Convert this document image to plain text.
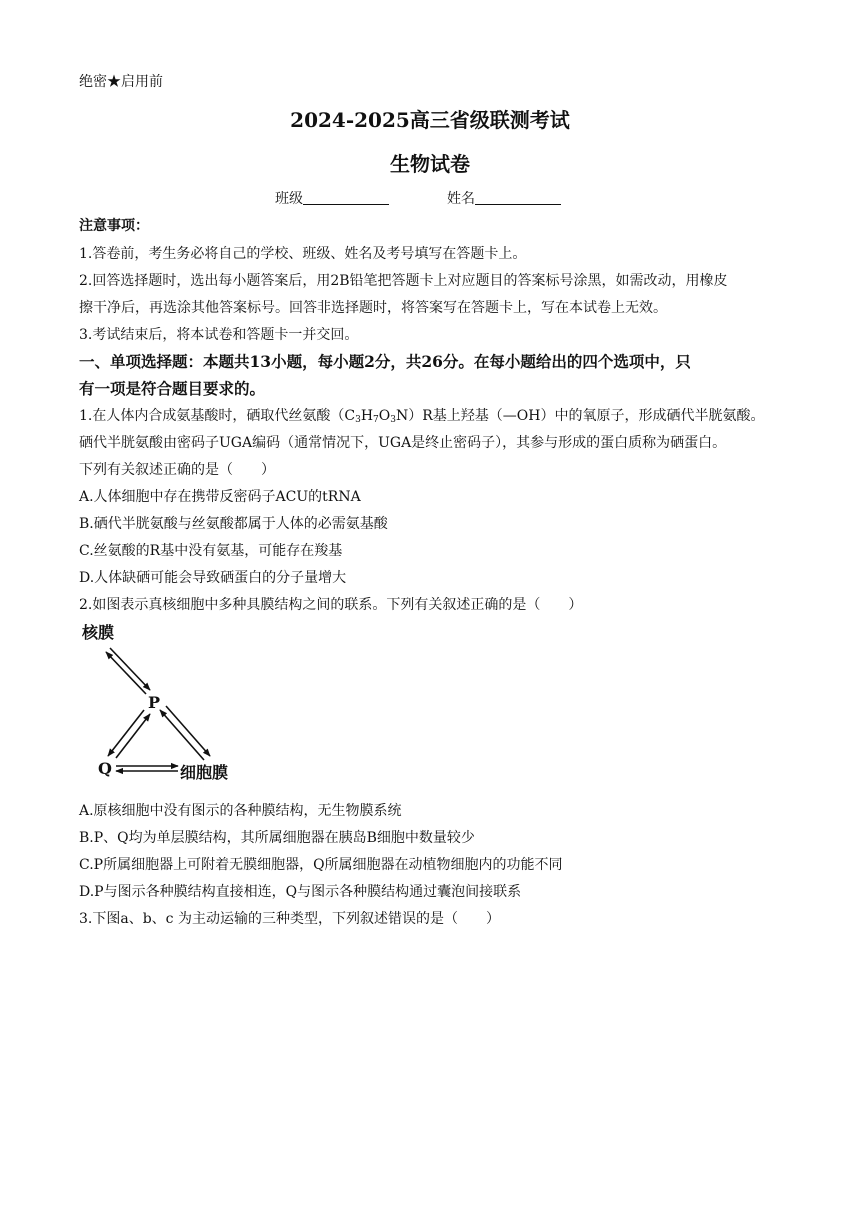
绝密★启用前
2024-2025高三省级联测考试
生物试卷
班级	姓名
注意事项：
1.答卷前，考生务必将自己的学校、班级、姓名及考号填写在答题卡上。
2.回答选择题时，选出每小题答案后，用2B铅笔把答题卡上对应题目的答案标号涂黑，如需改动，用橡皮
擦干净后，再选涂其他答案标号。回答非选择题时，将答案写在答题卡上，写在本试卷上无效。
3.考试结束后，将本试卷和答题卡一并交回。
一、单项选择题：本题共13小题，每小题2分，共26分。在每小题给出的四个选项中，只
有一项是符合题目要求的。
1.在人体内合成氨基酸时，硒取代丝氨酸$(C_3H_7O_3N)R$基上羟基（—OH）中的氧原子，形成硒代半胱氨酸。
硒代半胱氨酸由密码子UGA编码（通常情况下，UGA是终止密码子），其参与形成的蛋白质称为硒蛋白。
下列有关叙述正确的是（　　）
A.人体细胞中存在携带反密码子ACU的tRNA
B.硒代半胱氨酸与丝氨酸都属于人体的必需氨基酸
C.丝氨酸的R基中没有氨基，可能存在羧基
D.人体缺硒可能会导致硒蛋白的分子量增大
2.如图表示真核细胞中多种具膜结构之间的联系。下列有关叙述正确的是（　　）
核膜
P
Q	细胞膜
A.原核细胞中没有图示的各种膜结构，无生物膜系统
B.P、Q均为单层膜结构，其所属细胞器在胰岛B细胞中数量较少
C.P所属细胞器上可附着无膜细胞器，Q所属细胞器在动植物细胞内的功能不同
D.P与图示各种膜结构直接相连，Q与图示各种膜结构通过囊泡间接联系
3.下图a、b、c 为主动运输的三种类型，下列叙述错误的是（　　）
